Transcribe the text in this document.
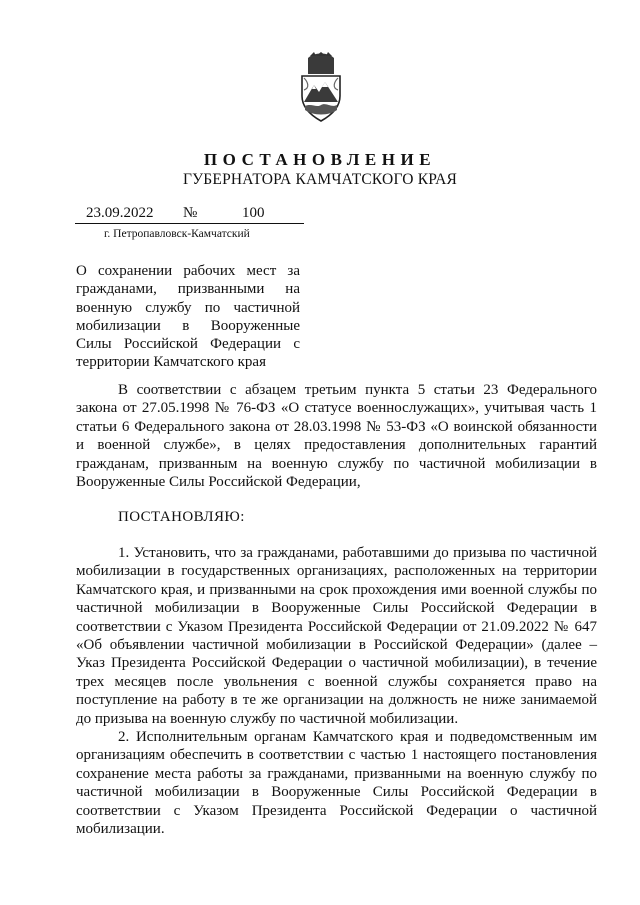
ПОСТАНОВЛЕНИЕ
ГУБЕРНАТОРА КАМЧАТСКОГО КРАЯ
23.09.2022 №	100
г. Петропавловск-Камчатский
О сохранении рабочих мест за гражданами, призванными на военную службу по частичной мобилизации в Вооруженные Силы Российской Федерации с территории Камчатского края

В соответствии с абзацем третьим пункта 5 статьи 23 Федерального закона от 27.05.1998 № 76-ФЗ «О статусе военнослужащих», учитывая часть 1 статьи 6 Федерального закона от 28.03.1998 № 53-ФЗ «О воинской обязанности и военной службе», в целях предоставления дополнительных гарантий гражданам, призванным на военную службу по частичной мобилизации в Вооруженные Силы Российской Федерации,

ПОСТАНОВЛЯЮ:

1. Установить, что за гражданами, работавшими до призыва по частичной мобилизации в государственных организациях, расположенных на территории Камчатского края, и призванными на срок прохождения ими военной службы по частичной мобилизации в Вооруженные Силы Российской Федерации в соответствии с Указом Президента Российской Федерации от 21.09.2022 № 647 «Об объявлении частичной мобилизации в Российской Федерации» (далее – Указ Президента Российской Федерации о частичной мобилизации), в течение трех месяцев после увольнения с военной службы сохраняется право на поступление на работу в те же организации на должность не ниже занимаемой до призыва на военную службу по частичной мобилизации.

2. Исполнительным органам Камчатского края и подведомственным им организациям обеспечить в соответствии с частью 1 настоящего постановления сохранение места работы за гражданами, призванными на военную службу по частичной мобилизации в Вооруженные Силы Российской Федерации в соответствии с Указом Президента Российской Федерации о частичной мобилизации.
